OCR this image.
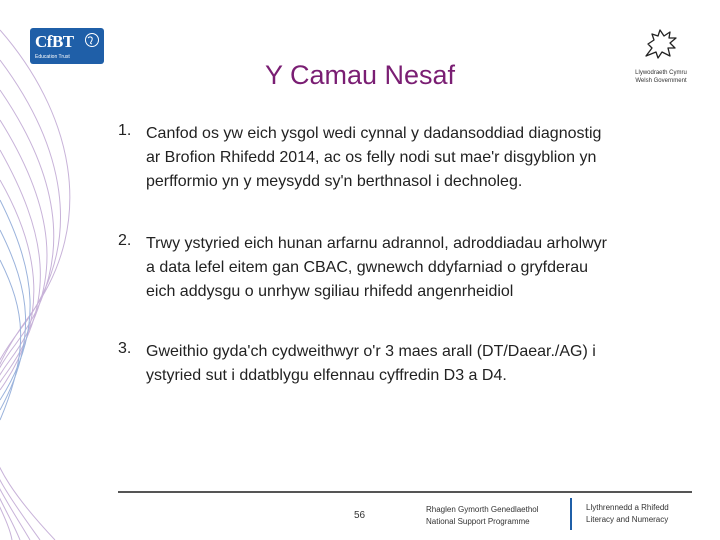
CfBT
Education Trust
Llywodraeth Cymru
Welsh Government
Y Camau Nesaf
1. Canfod os yw eich ysgol wedi cynnal y dadansoddiad diagnostig ar Brofion Rhifedd 2014, ac os felly nodi sut mae'r disgyblion yn perfformio yn y meysydd sy'n berthnasol i dechnoleg.
2. Trwy ystyried eich hunan arfarnu adrannol, adroddiadau arholwyr a data lefel eitem gan CBAC, gwnewch ddyfarniad o gryfderau eich addysgu o unrhyw sgiliau rhifedd angenrheidiol
3. Gweithio gyda'ch cydweithwyr o'r 3 maes arall (DT/Daear./AG) i ystyried sut i ddatblygu elfennau cyffredin D3 a D4.
56
Rhaglen Gymorth Genedlaethol
National Support Programme
Llythrennedd a Rhifedd
Literacy and Numeracy
